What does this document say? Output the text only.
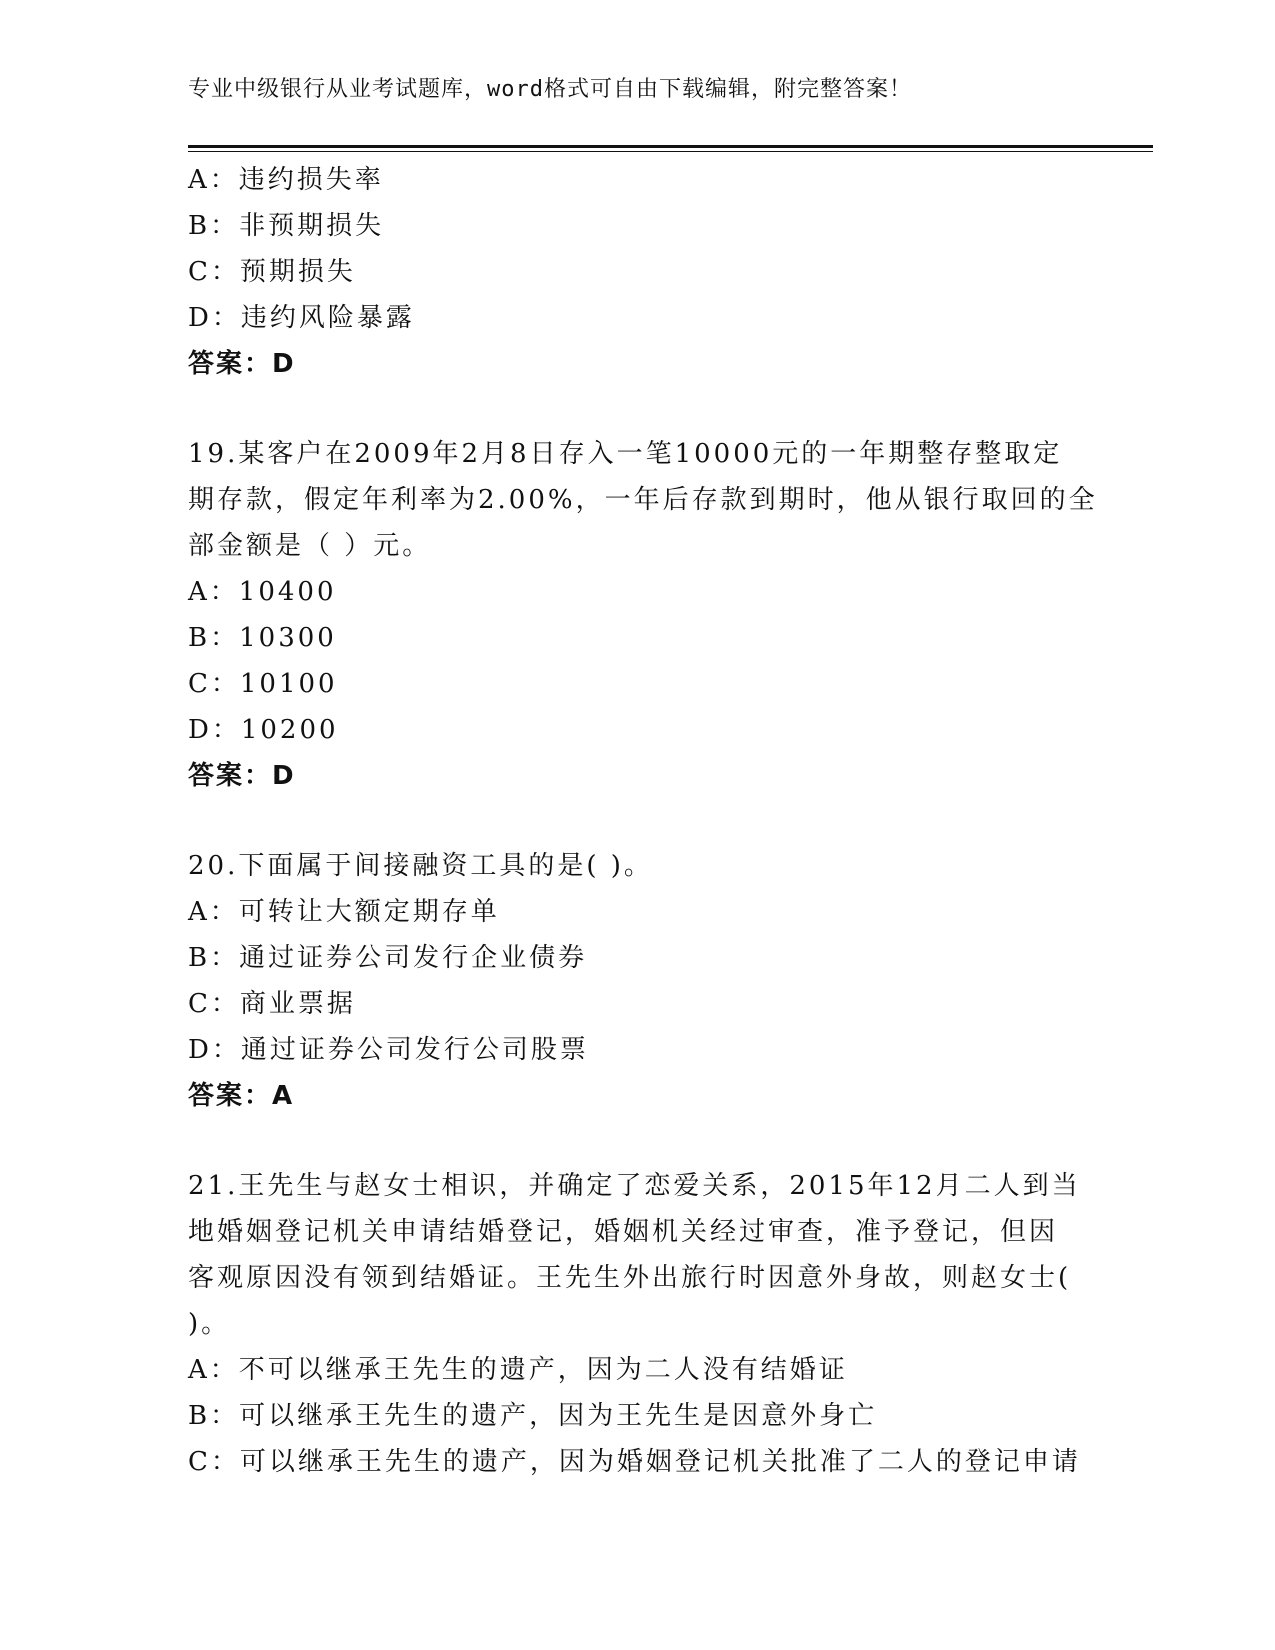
专业中级银行从业考试题库，word格式可自由下载编辑，附完整答案！
A：违约损失率
B：非预期损失
C：预期损失
D：违约风险暴露
答案：D
19.某客户在2009年2月8日存入一笔10000元的一年期整存整取定
期存款，假定年利率为2.00%，一年后存款到期时，他从银行取回的全
部金额是（ ）元。
A：10400
B：10300
C：10100
D：10200
答案：D
20.下面属于间接融资工具的是( )。
A：可转让大额定期存单
B：通过证券公司发行企业债券
C：商业票据
D：通过证券公司发行公司股票
答案：A
21.王先生与赵女士相识，并确定了恋爱关系，2015年12月二人到当
地婚姻登记机关申请结婚登记，婚姻机关经过审查，准予登记，但因
客观原因没有领到结婚证。王先生外出旅行时因意外身故，则赵女士(
)。
A：不可以继承王先生的遗产，因为二人没有结婚证
B：可以继承王先生的遗产，因为王先生是因意外身亡
C：可以继承王先生的遗产，因为婚姻登记机关批准了二人的登记申请
